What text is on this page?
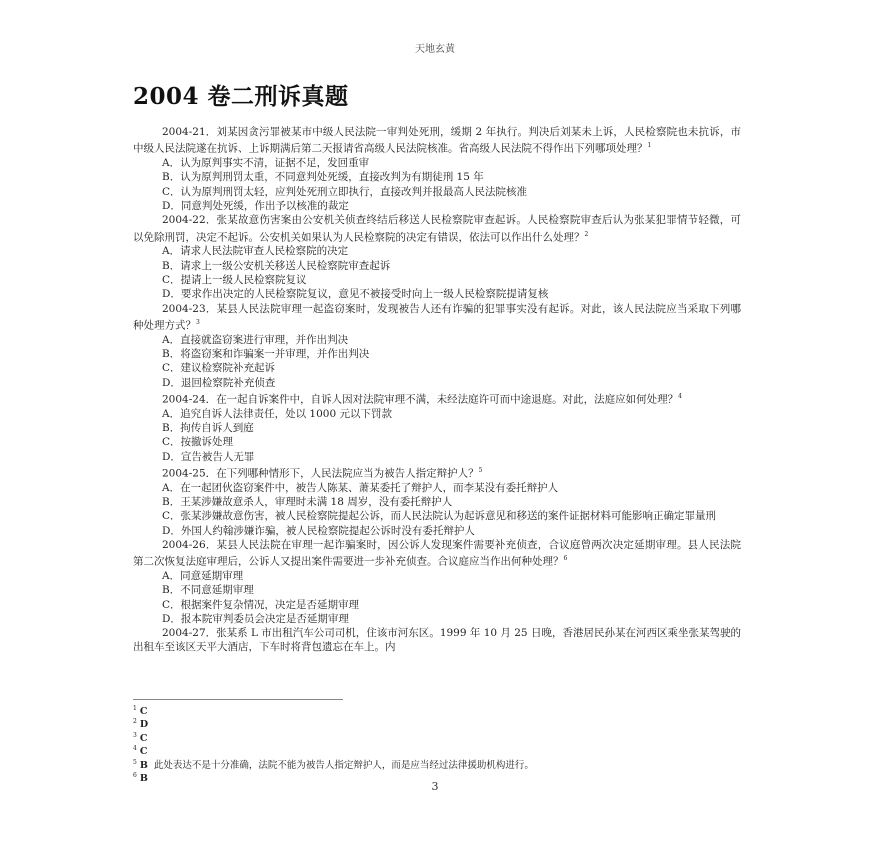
天地玄黄
2004 卷二刑诉真题

2004-21．刘某因贪污罪被某市中级人民法院一审判处死刑，缓期 2 年执行。判决后刘某未上诉，人民检察院也未抗诉，市中级人民法院遂在抗诉、上诉期满后第二天报请省高级人民法院核准。省高级人民法院不得作出下列哪项处理？$^1$

A．认为原判事实不清，证据不足，发回重审

B．认为原判刑罚太重，不同意判处死缓，直接改判为有期徒刑 15 年

C．认为原判刑罚太轻，应判处死刑立即执行，直接改判并报最高人民法院核准

D．同意判处死缓，作出予以核准的裁定

2004-22．张某故意伤害案由公安机关侦查终结后移送人民检察院审查起诉。人民检察院审查后认为张某犯罪情节轻微，可以免除刑罚，决定不起诉。公安机关如果认为人民检察院的决定有错误，依法可以作出什么处理？$^2$

A．请求人民法院审查人民检察院的决定

B．请求上一级公安机关移送人民检察院审查起诉

C．提请上一级人民检察院复议

D．要求作出决定的人民检察院复议，意见不被接受时向上一级人民检察院提请复核

2004-23．某县人民法院审理一起盗窃案时，发现被告人还有诈骗的犯罪事实没有起诉。对此，该人民法院应当采取下列哪种处理方式？$^3$

A．直接就盗窃案进行审理，并作出判决

B．将盗窃案和诈骗案一并审理，并作出判决

C．建议检察院补充起诉

D．退回检察院补充侦查

2004-24．在一起自诉案件中，自诉人因对法院审理不满，未经法庭许可而中途退庭。对此，法庭应如何处理？$^4$

A．追究自诉人法律责任，处以 1000 元以下罚款

B．拘传自诉人到庭

C．按撤诉处理

D．宣告被告人无罪

2004-25．在下列哪种情形下，人民法院应当为被告人指定辩护人？$^5$

A．在一起团伙盗窃案件中，被告人陈某、萧某委托了辩护人，而李某没有委托辩护人

B．王某涉嫌故意杀人，审理时未满 18 周岁，没有委托辩护人

C．张某涉嫌故意伤害，被人民检察院提起公诉，而人民法院认为起诉意见和移送的案件证据材料可能影响正确定罪量刑

D．外国人约翰涉嫌诈骗，被人民检察院提起公诉时没有委托辩护人

2004-26．某县人民法院在审理一起诈骗案时，因公诉人发现案件需要补充侦查，合议庭曾两次决定延期审理。县人民法院第二次恢复法庭审理后，公诉人又提出案件需要进一步补充侦查。合议庭应当作出何种处理？$^6$

A．同意延期审理

B．不同意延期审理

C．根据案件复杂情况，决定是否延期审理

D．报本院审判委员会决定是否延期审理

2004-27．张某系 L 市出租汽车公司司机，住该市河东区。1999 年 10 月 25 日晚，香港居民孙某在河西区乘坐张某驾驶的出租车至该区天平大酒店，下车时将背包遗忘在车上。内

$^1$ C
$^2$ D
$^3$ C
$^4$ C
$^5$ B 此处表达不是十分准确，法院不能为被告人指定辩护人，而是应当经过法律援助机构进行。
$^6$ B
3
